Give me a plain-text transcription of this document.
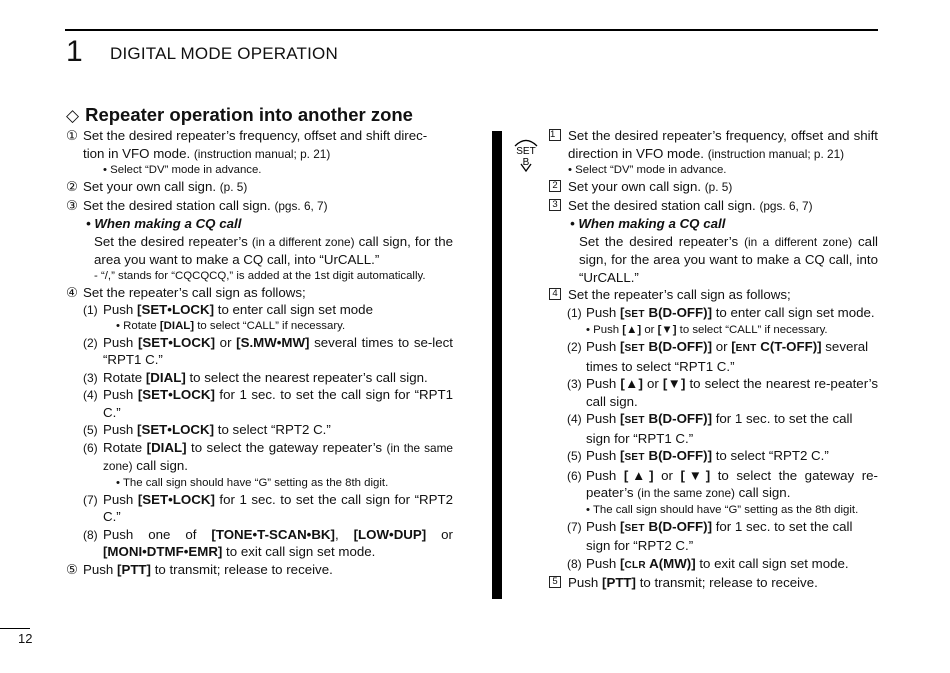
1 DIGITAL MODE OPERATION
◇ Repeater operation into another zone
① Set the desired repeater’s frequency, offset and shift direc-
tion in VFO mode. (instruction manual; p. 21)
• Select “DV” mode in advance.
② Set your own call sign. (p. 5)
③ Set the desired station call sign. (pgs. 6, 7)
• When making a CQ call
Set the desired repeater’s (in a different zone) call sign, for the area you want to make a CQ call, into “UrCALL.”
- “/,” stands for “CQCQCQ,” is added at the 1st digit automatically.
④ Set the repeater’s call sign as follows;
(1) Push [SET•LOCK] to enter call sign set mode
• Rotate [DIAL] to select “CALL” if necessary.
(2) Push [SET•LOCK] or [S.MW•MW] several times to se-lect “RPT1 C.”
(3) Rotate [DIAL] to select the nearest repeater’s call sign.
(4) Push [SET•LOCK] for 1 sec. to set the call sign for “RPT1 C.”
(5) Push [SET•LOCK] to select “RPT2 C.”
(6) Rotate [DIAL] to select the gateway repeater’s (in the same zone) call sign.
• The call sign should have “G” setting as the 8th digit.
(7) Push [SET•LOCK] for 1 sec. to set the call sign for “RPT2 C.”
(8) Push one of [TONE•T-SCAN•BK], [LOW•DUP] or [MONI•DTMF•EMR] to exit call sign set mode.
⑤ Push [PTT] to transmit; release to receive.
SET
B
1 Set the desired repeater’s frequency, offset and shift direction in VFO mode. (instruction manual; p. 21)
• Select “DV” mode in advance.
2 Set your own call sign. (p. 5)
3 Set the desired station call sign. (pgs. 6, 7)
• When making a CQ call
Set the desired repeater’s (in a different zone) call sign, for the area you want to make a CQ call, into “UrCALL.”
4 Set the repeater’s call sign as follows;
(1) Push [SET B(D-OFF)] to enter call sign set mode.
• Push [▲] or [▼] to select “CALL” if necessary.
(2) Push [SET B(D-OFF)] or [ENT C(T-OFF)] several times to select “RPT1 C.”
(3) Push [▲] or [▼] to select the nearest re-peater’s call sign.
(4) Push [SET B(D-OFF)] for 1 sec. to set the call sign for “RPT1 C.”
(5) Push [SET B(D-OFF)] to select “RPT2 C.”
(6) Push [▲] or [▼] to select the gateway re-peater’s (in the same zone) call sign.
• The call sign should have “G” setting as the 8th digit.
(7) Push [SET B(D-OFF)] for 1 sec. to set the call sign for “RPT2 C.”
(8) Push [CLR A(MW)] to exit call sign set mode.
5 Push [PTT] to transmit; release to receive.
12
